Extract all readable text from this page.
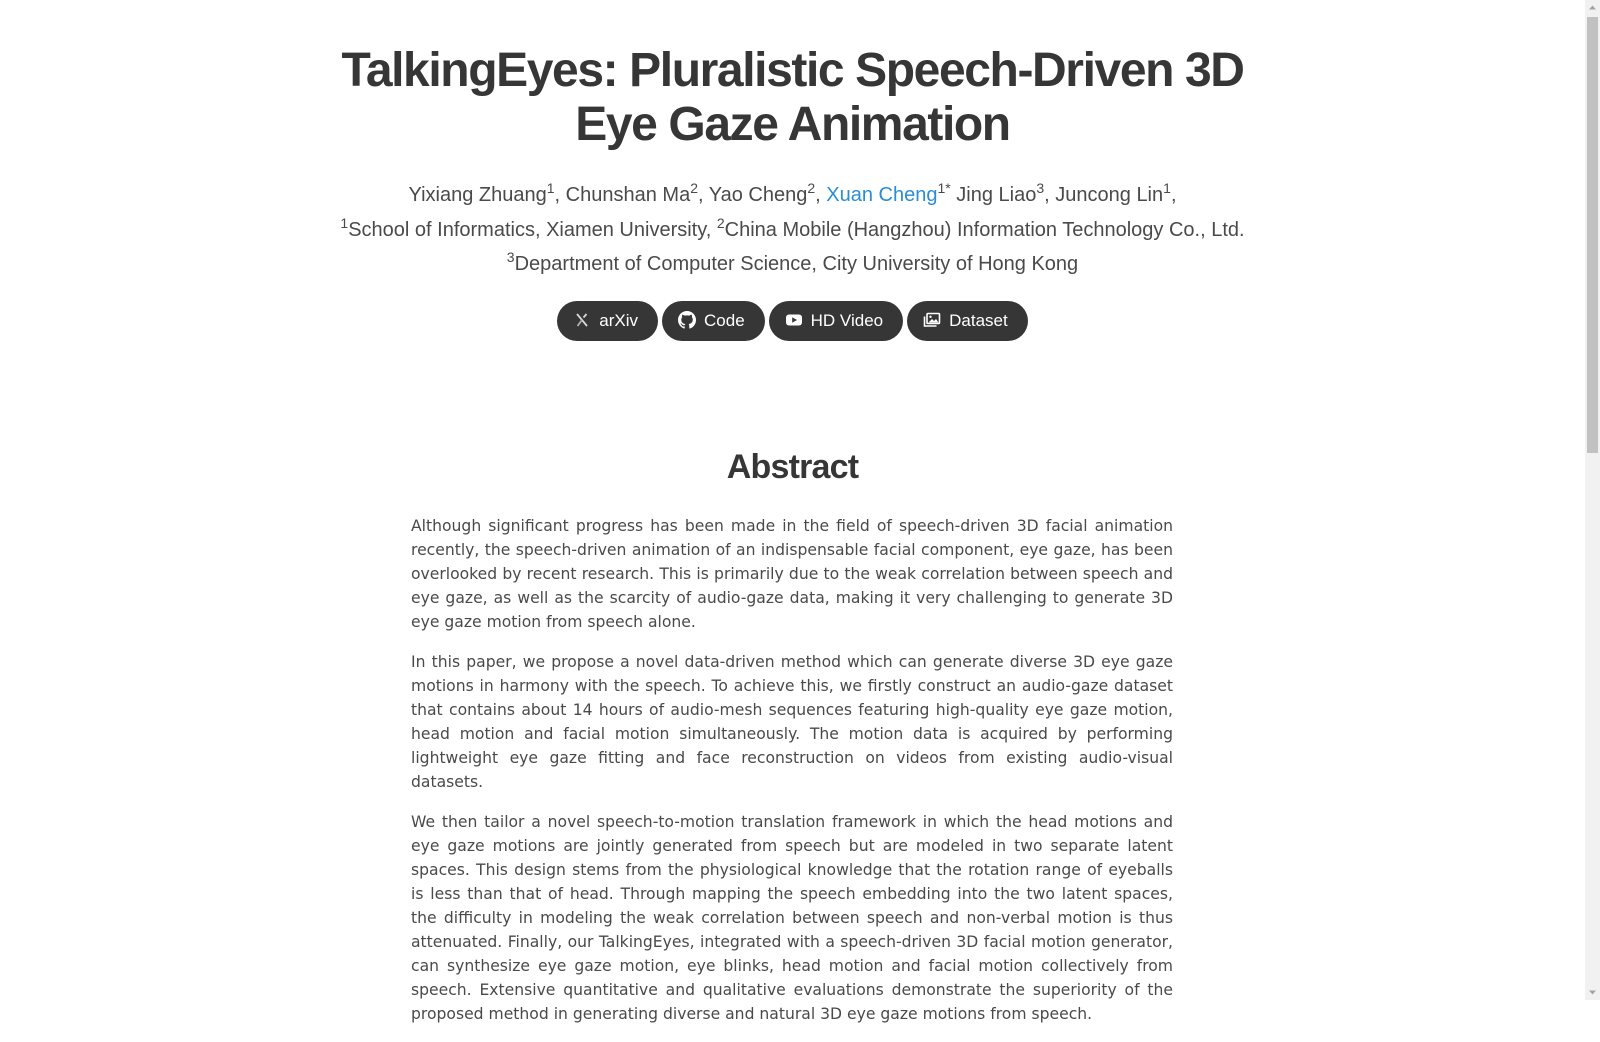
TalkingEyes: Pluralistic Speech-Driven 3D Eye Gaze Animation
Yixiang Zhuang$^1$, Chunshan Ma$^2$, Yao Cheng$^2$, Xuan Cheng$^{1*}$ Jing Liao$^3$, Juncong Lin$^1$,
$^1$School of Informatics, Xiamen University, $^2$China Mobile (Hangzhou) Information Technology Co., Ltd.
$^3$Department of Computer Science, City University of Hong Kong
arXiv	Code	HD Video	Dataset
Abstract

Although significant progress has been made in the field of speech-driven 3D facial animation recently, the speech-driven animation of an indispensable facial component, eye gaze, has been overlooked by recent research. This is primarily due to the weak correlation between speech and eye gaze, as well as the scarcity of audio-gaze data, making it very challenging to generate 3D eye gaze motion from speech alone.

In this paper, we propose a novel data-driven method which can generate diverse 3D eye gaze motions in harmony with the speech. To achieve this, we firstly construct an audio-gaze dataset that contains about 14 hours of audio-mesh sequences featuring high-quality eye gaze motion, head motion and facial motion simultaneously. The motion data is acquired by performing lightweight eye gaze fitting and face reconstruction on videos from existing audio-visual datasets.

We then tailor a novel speech-to-motion translation framework in which the head motions and eye gaze motions are jointly generated from speech but are modeled in two separate latent spaces. This design stems from the physiological knowledge that the rotation range of eyeballs is less than that of head. Through mapping the speech embedding into the two latent spaces, the difficulty in modeling the weak correlation between speech and non-verbal motion is thus attenuated. Finally, our TalkingEyes, integrated with a speech-driven 3D facial motion generator, can synthesize eye gaze motion, eye blinks, head motion and facial motion collectively from speech. Extensive quantitative and qualitative evaluations demonstrate the superiority of the proposed method in generating diverse and natural 3D eye gaze motions from speech.
